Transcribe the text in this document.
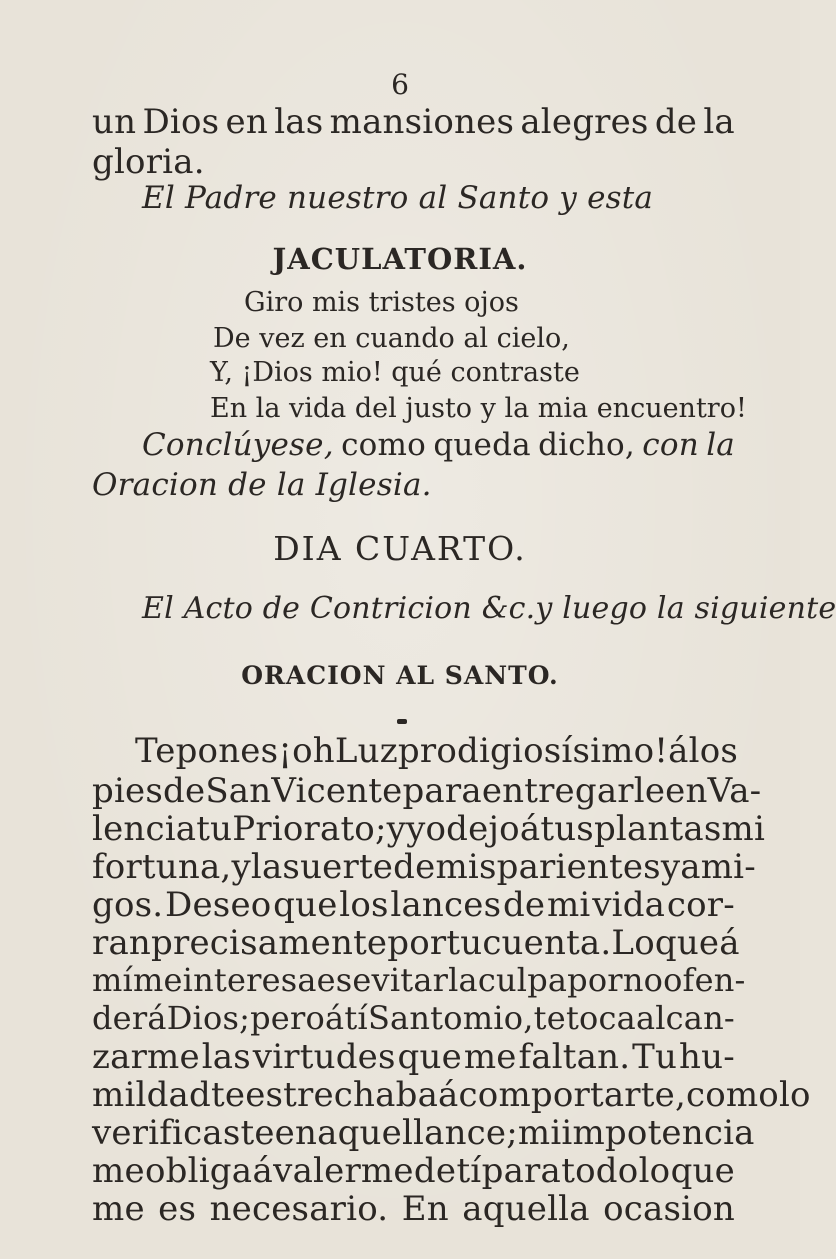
6
un Dios en las mansiones alegres de la
gloria.
El Padre nuestro al Santo y esta
JACULATORIA.
Giro mis tristes ojos
De vez en cuando al cielo,
Y, ¡Dios mio! qué contraste
En la vida del justo y la mia encuentro!
Conclúyese, como queda dicho, con la
Oracion de la Iglesia.
DIA CUARTO.
El Acto de Contricion &c. y luego la siguiente
ORACION AL SANTO.
Te pones ¡oh Luz prodigiosísimo! á los
pies de San Vicente para entregarle en Va-
lencia tu Priorato; y yo dejo á tus plantas mi
fortuna, y la suerte de mis parientes y ami-
gos. Deseo que los lances de mi vida cor-
ran precisamente por tu cuenta. Lo que á
mí me interesa es evitar la culpa por no ofen-
derá Dios; pero á tí Santo mio, te toca alcan-
zarme las virtudes que me faltan. Tu hu-
mildad te estrechaba á comportarte, como lo
verificaste en aquel lance; mi impotencia
me obliga á valerme de tí para todo lo que
me es necesario. En aquella ocasion
